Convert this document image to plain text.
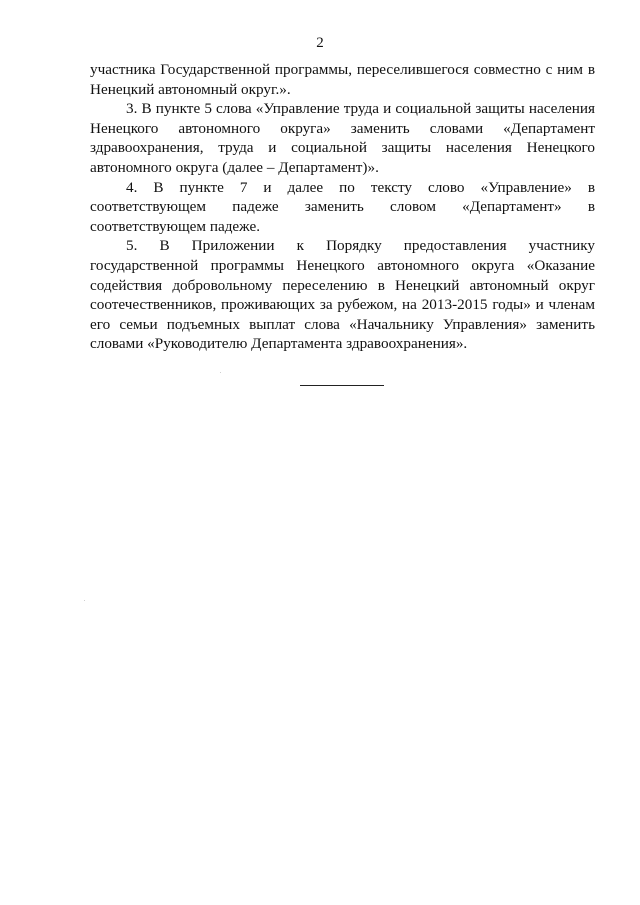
2

участника Государственной программы, переселившегося совместно с ним в
Ненецкий автономный округ.».

3. В пункте 5 слова «Управление труда и социальной защиты населения
Ненецкого автономного округа» заменить словами «Департамент
здравоохранения, труда и социальной защиты населения Ненецкого
автономного округа (далее – Департамент)».

4. В пункте 7 и далее по тексту слово «Управление» в
соответствующем падеже заменить словом «Департамент» в
соответствующем падеже.

5. В Приложении к Порядку предоставления участнику
государственной программы Ненецкого автономного округа «Оказание
содействия добровольному переселению в Ненецкий автономный округ
соотечественников, проживающих за рубежом, на 2013-2015 годы» и членам
его семьи подъемных выплат слова «Начальнику Управления» заменить
словами «Руководителю Департамента здравоохранения».
